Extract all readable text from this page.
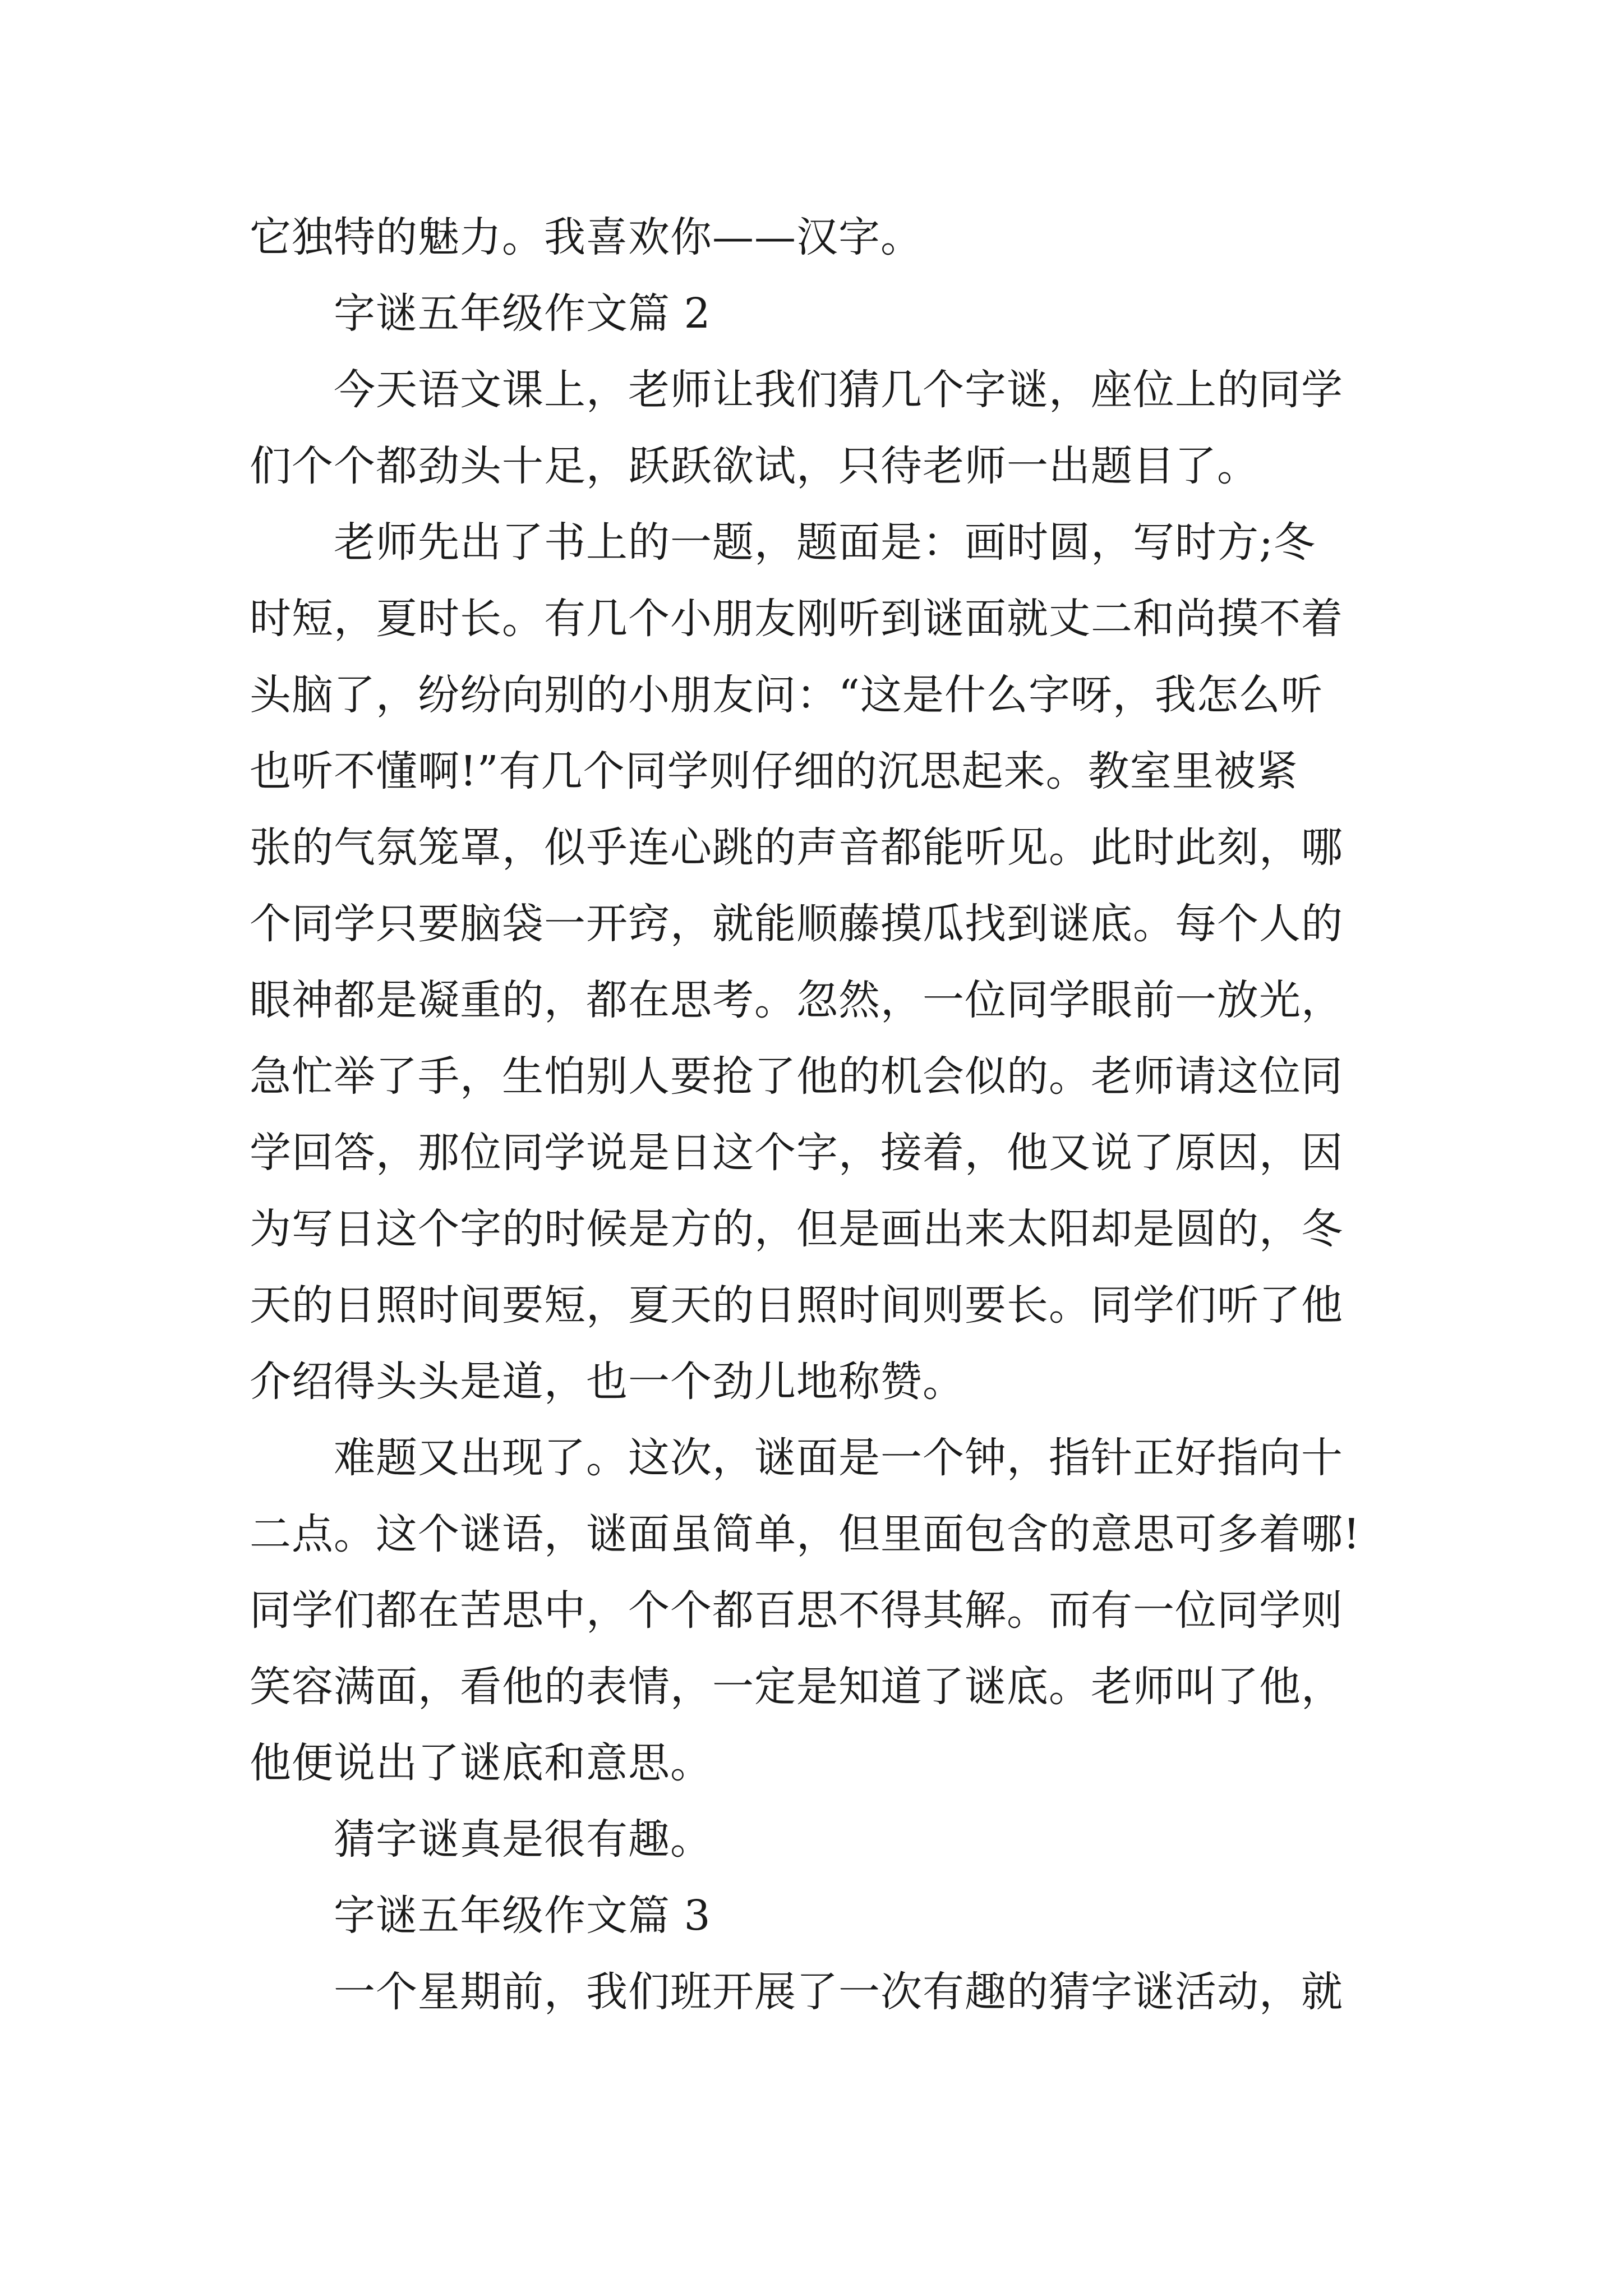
它独特的魅力。我喜欢你——汉字。
字谜五年级作文篇 2
今天语文课上，老师让我们猜几个字谜，座位上的同学
们个个都劲头十足，跃跃欲试，只待老师一出题目了。
老师先出了书上的一题，题面是：画时圆，写时方;冬
时短，夏时长。有几个小朋友刚听到谜面就丈二和尚摸不着
头脑了，纷纷向别的小朋友问：“这是什么字呀，我怎么听
也听不懂啊!”有几个同学则仔细的沉思起来。教室里被紧
张的气氛笼罩，似乎连心跳的声音都能听见。此时此刻，哪
个同学只要脑袋一开窍，就能顺藤摸瓜找到谜底。每个人的
眼神都是凝重的，都在思考。忽然，一位同学眼前一放光，
急忙举了手，生怕别人要抢了他的机会似的。老师请这位同
学回答，那位同学说是日这个字，接着，他又说了原因，因
为写日这个字的时候是方的，但是画出来太阳却是圆的，冬
天的日照时间要短，夏天的日照时间则要长。同学们听了他
介绍得头头是道，也一个劲儿地称赞。
难题又出现了。这次，谜面是一个钟，指针正好指向十
二点。这个谜语，谜面虽简单，但里面包含的意思可多着哪!
同学们都在苦思中，个个都百思不得其解。而有一位同学则
笑容满面，看他的表情，一定是知道了谜底。老师叫了他，
他便说出了谜底和意思。
猜字谜真是很有趣。
字谜五年级作文篇 3
一个星期前，我们班开展了一次有趣的猜字谜活动，就
